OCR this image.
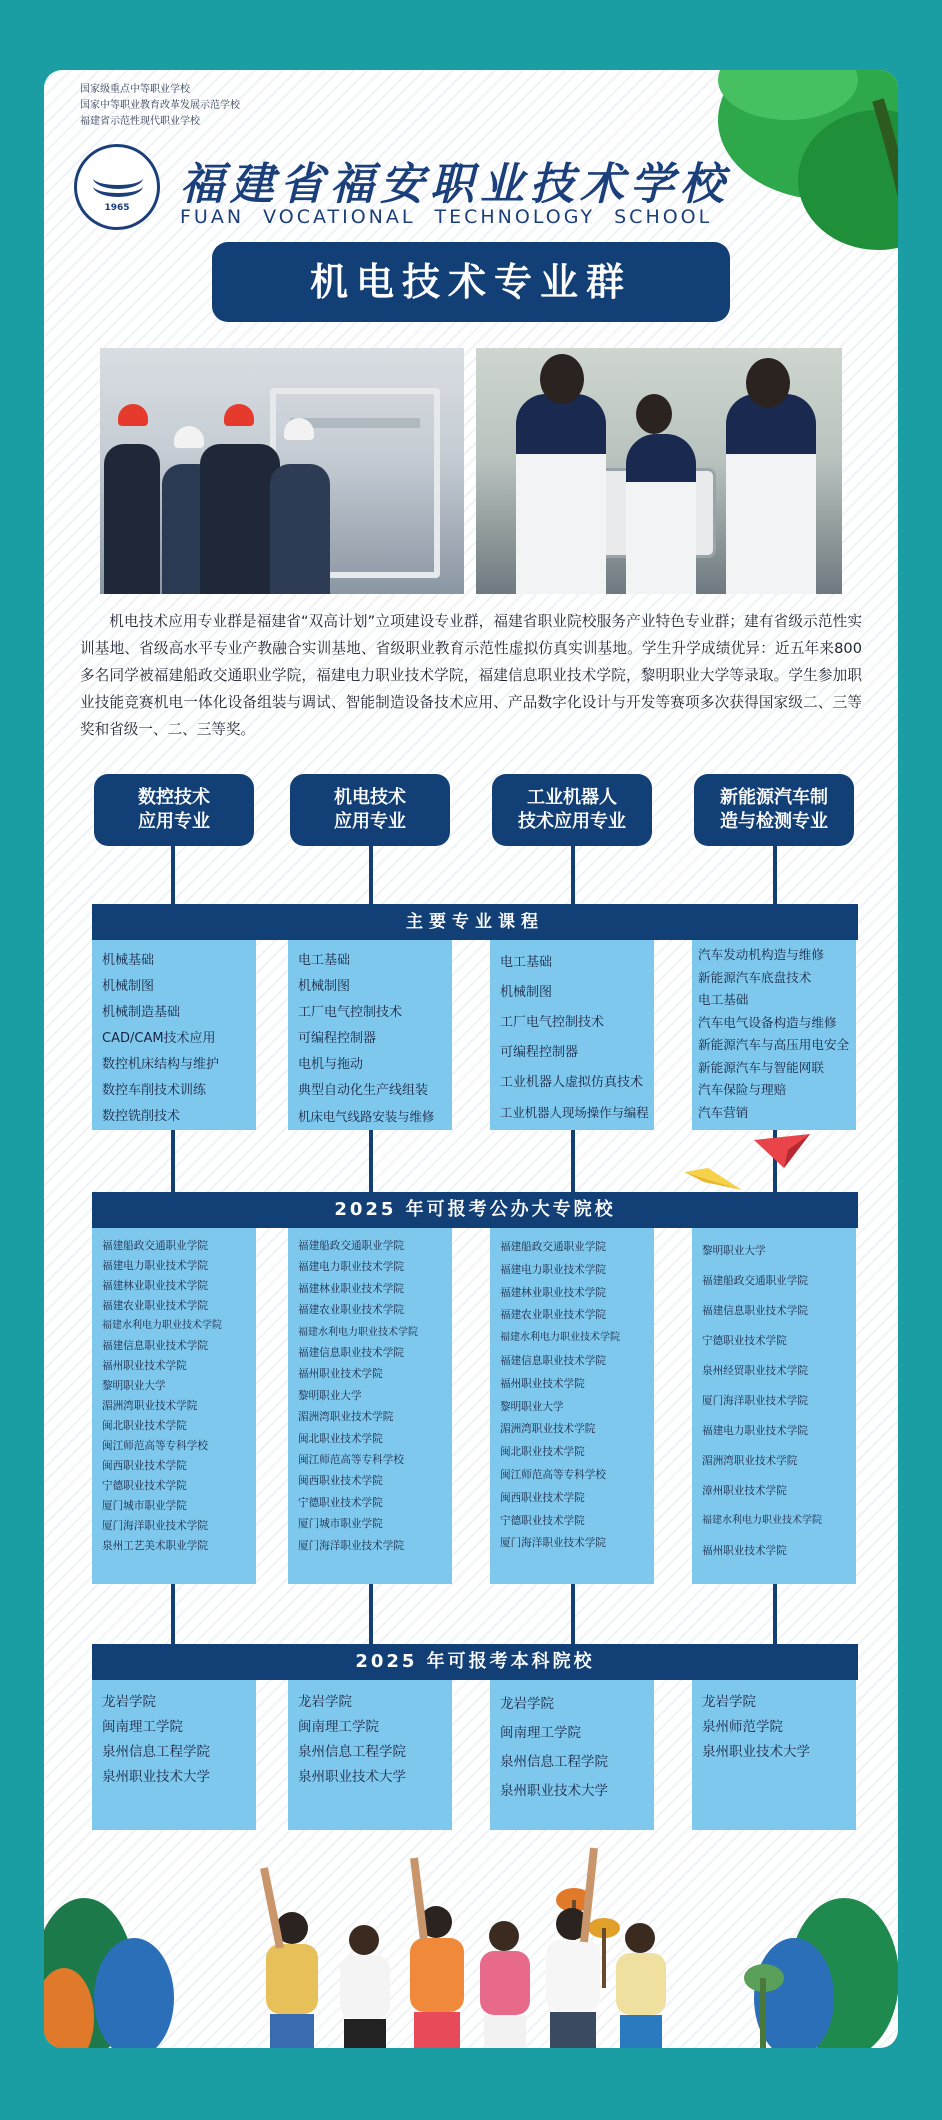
国家级重点中等职业学校
国家中等职业教育改革发展示范学校
福建省示范性现代职业学校
1965	福建省福安职业技术学校
FUAN VOCATIONAL TECHNOLOGY SCHOOL
机电技术专业群

机电技术应用专业群是福建省“双高计划”立项建设专业群，福建省职业院校服务产业特色专业群；建有省级示范性实训基地、省级高水平专业产教融合实训基地、省级职业教育示范性虚拟仿真实训基地。学生升学成绩优异：近五年来800多名同学被福建船政交通职业学院，福建电力职业技术学院，福建信息职业技术学院，黎明职业大学等录取。学生参加职业技能竞赛机电一体化设备组装与调试、智能制造设备技术应用、产品数字化设计与开发等赛项多次获得国家级二、三等奖和省级一、二、三等奖。

数控技术
应用专业
机电技术
应用专业
工业机器人
技术应用专业
新能源汽车制
造与检测专业
主要专业课程
机械基础
机械制图
机械制造基础
CAD/CAM技术应用
数控机床结构与维护
数控车削技术训练
数控铣削技术
电工基础
机械制图
工厂电气控制技术
可编程控制器
电机与拖动
典型自动化生产线组装
机床电气线路安装与维修
电工基础
机械制图
工厂电气控制技术
可编程控制器
工业机器人虚拟仿真技术
工业机器人现场操作与编程
汽车发动机构造与维修
新能源汽车底盘技术
电工基础
汽车电气设备构造与维修
新能源汽车与高压用电安全
新能源汽车与智能网联
汽车保险与理赔
汽车营销
2025 年可报考公办大专院校
福建船政交通职业学院
福建电力职业技术学院
福建林业职业技术学院
福建农业职业技术学院
福建水利电力职业技术学院
福建信息职业技术学院
福州职业技术学院
黎明职业大学
湄洲湾职业技术学院
闽北职业技术学院
闽江师范高等专科学校
闽西职业技术学院
宁德职业技术学院
厦门城市职业学院
厦门海洋职业技术学院
泉州工艺美术职业学院
福建船政交通职业学院
福建电力职业技术学院
福建林业职业技术学院
福建农业职业技术学院
福建水利电力职业技术学院
福建信息职业技术学院
福州职业技术学院
黎明职业大学
湄洲湾职业技术学院
闽北职业技术学院
闽江师范高等专科学校
闽西职业技术学院
宁德职业技术学院
厦门城市职业学院
厦门海洋职业技术学院
福建船政交通职业学院
福建电力职业技术学院
福建林业职业技术学院
福建农业职业技术学院
福建水利电力职业技术学院
福建信息职业技术学院
福州职业技术学院
黎明职业大学
湄洲湾职业技术学院
闽北职业技术学院
闽江师范高等专科学校
闽西职业技术学院
宁德职业技术学院
厦门海洋职业技术学院
黎明职业大学
福建船政交通职业学院
福建信息职业技术学院
宁德职业技术学院
泉州经贸职业技术学院
厦门海洋职业技术学院
福建电力职业技术学院
湄洲湾职业技术学院
漳州职业技术学院
福建水利电力职业技术学院
福州职业技术学院
2025 年可报考本科院校
龙岩学院
闽南理工学院
泉州信息工程学院
泉州职业技术大学
龙岩学院
闽南理工学院
泉州信息工程学院
泉州职业技术大学
龙岩学院
闽南理工学院
泉州信息工程学院
泉州职业技术大学
龙岩学院
泉州师范学院
泉州职业技术大学
